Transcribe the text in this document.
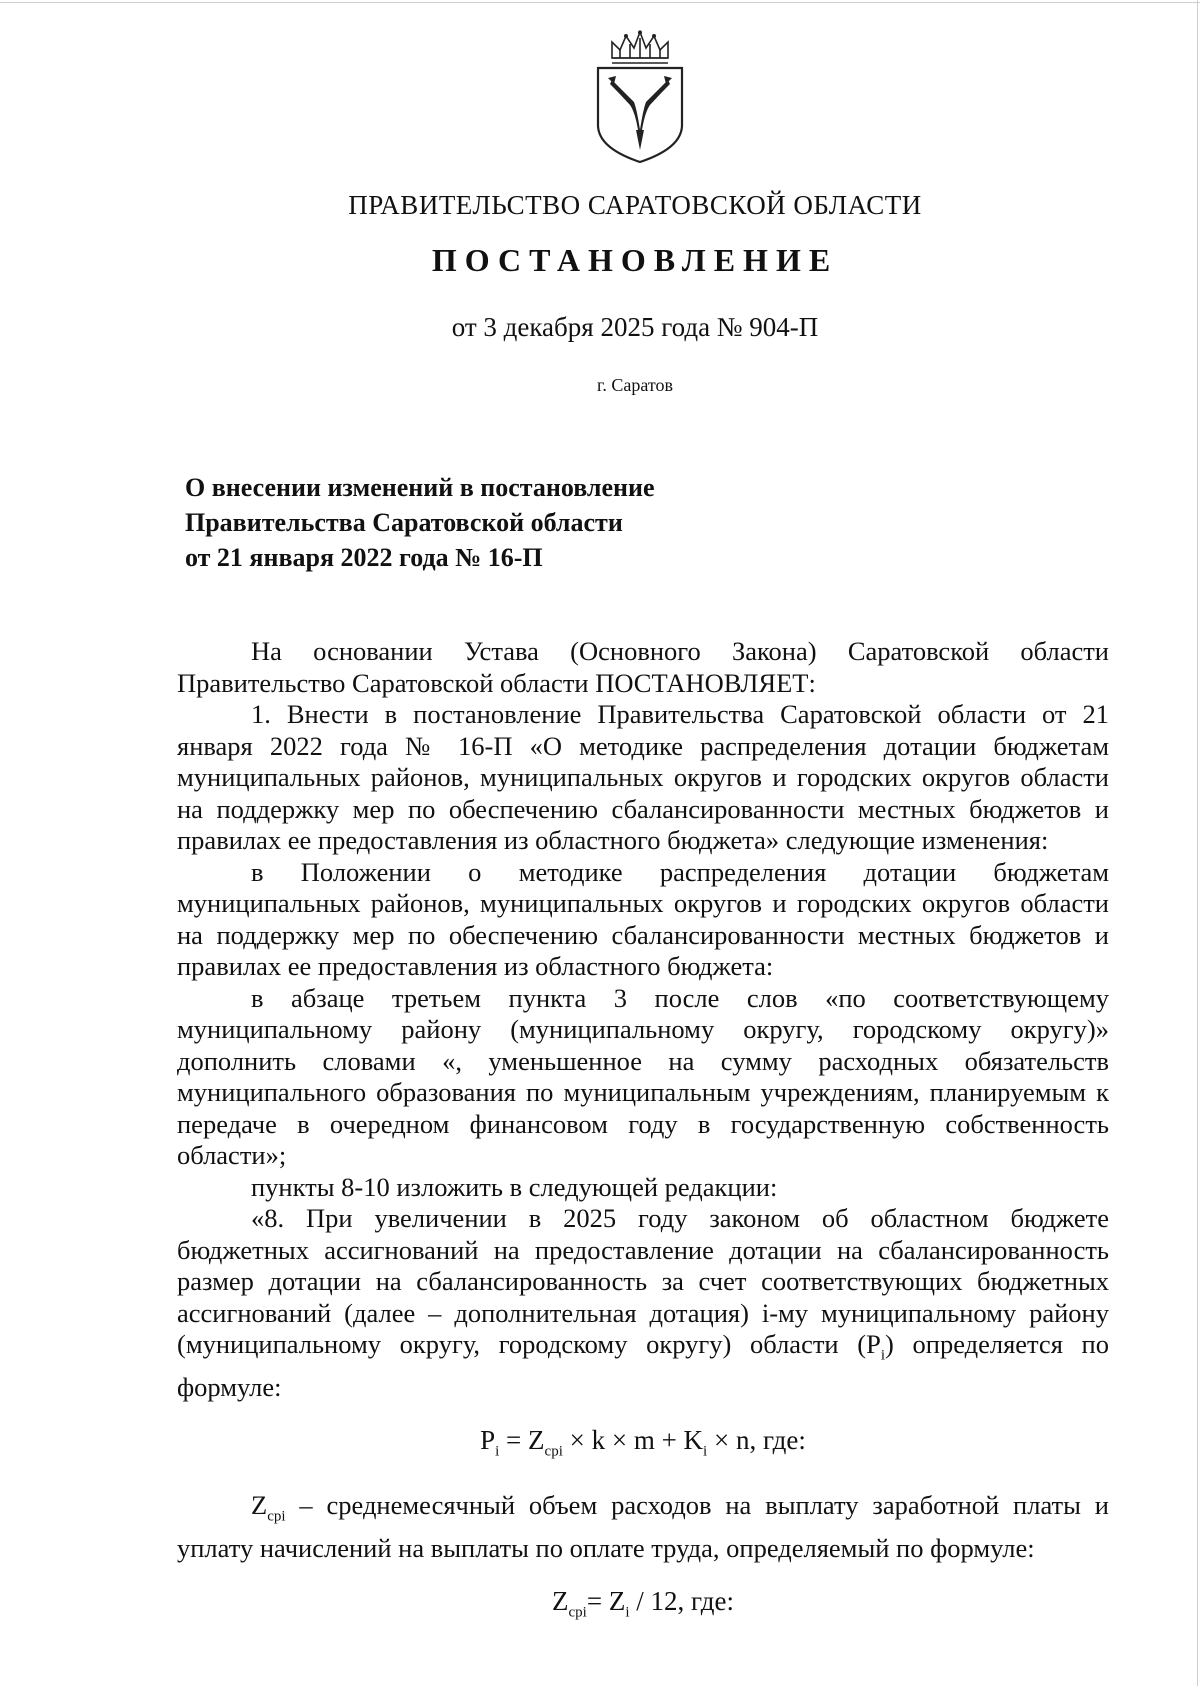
ПРАВИТЕЛЬСТВО САРАТОВСКОЙ ОБЛАСТИ
ПОСТАНОВЛЕНИЕ
от 3 декабря 2025 года № 904-П
г. Саратов
О внесении изменений в постановление
Правительства Саратовской области
от 21 января 2022 года № 16-П

На основании Устава (Основного Закона) Саратовской области Правительство Саратовской области ПОСТАНОВЛЯЕТ:

1. Внести в постановление Правительства Саратовской области от 21 января 2022 года № 16-П «О методике распределения дотации бюджетам муниципальных районов, муниципальных округов и городских округов области на поддержку мер по обеспечению сбалансированности местных бюджетов и правилах ее предоставления из областного бюджета» следующие изменения:

в Положении о методике распределения дотации бюджетам муниципальных районов, муниципальных округов и городских округов области на поддержку мер по обеспечению сбалансированности местных бюджетов и правилах ее предоставления из областного бюджета:

в абзаце третьем пункта 3 после слов «по соответствующему муниципальному району (муниципальному округу, городскому округу)» дополнить словами «, уменьшенное на сумму расходных обязательств муниципального образования по муниципальным учреждениям, планируемым к передаче в очередном финансовом году в государственную собственность области»;

пункты 8-10 изложить в следующей редакции:

«8. При увеличении в 2025 году законом об областном бюджете бюджетных ассигнований на предоставление дотации на сбалансированность размер дотации на сбалансированность за счет соответствующих бюджетных ассигнований (далее – дополнительная дотация) i-му муниципальному району (муниципальному округу, городскому округу) области $(P_i)$ определяется по формуле:

$P_i = Z_{cpi} \times k \times m + K_i \times n$, где:

$Z_{cpi}$ – среднемесячный объем расходов на выплату заработной платы и уплату начислений на выплаты по оплате труда, определяемый по формуле:

$Z_{cpi}= Z_i / 12$, где:
